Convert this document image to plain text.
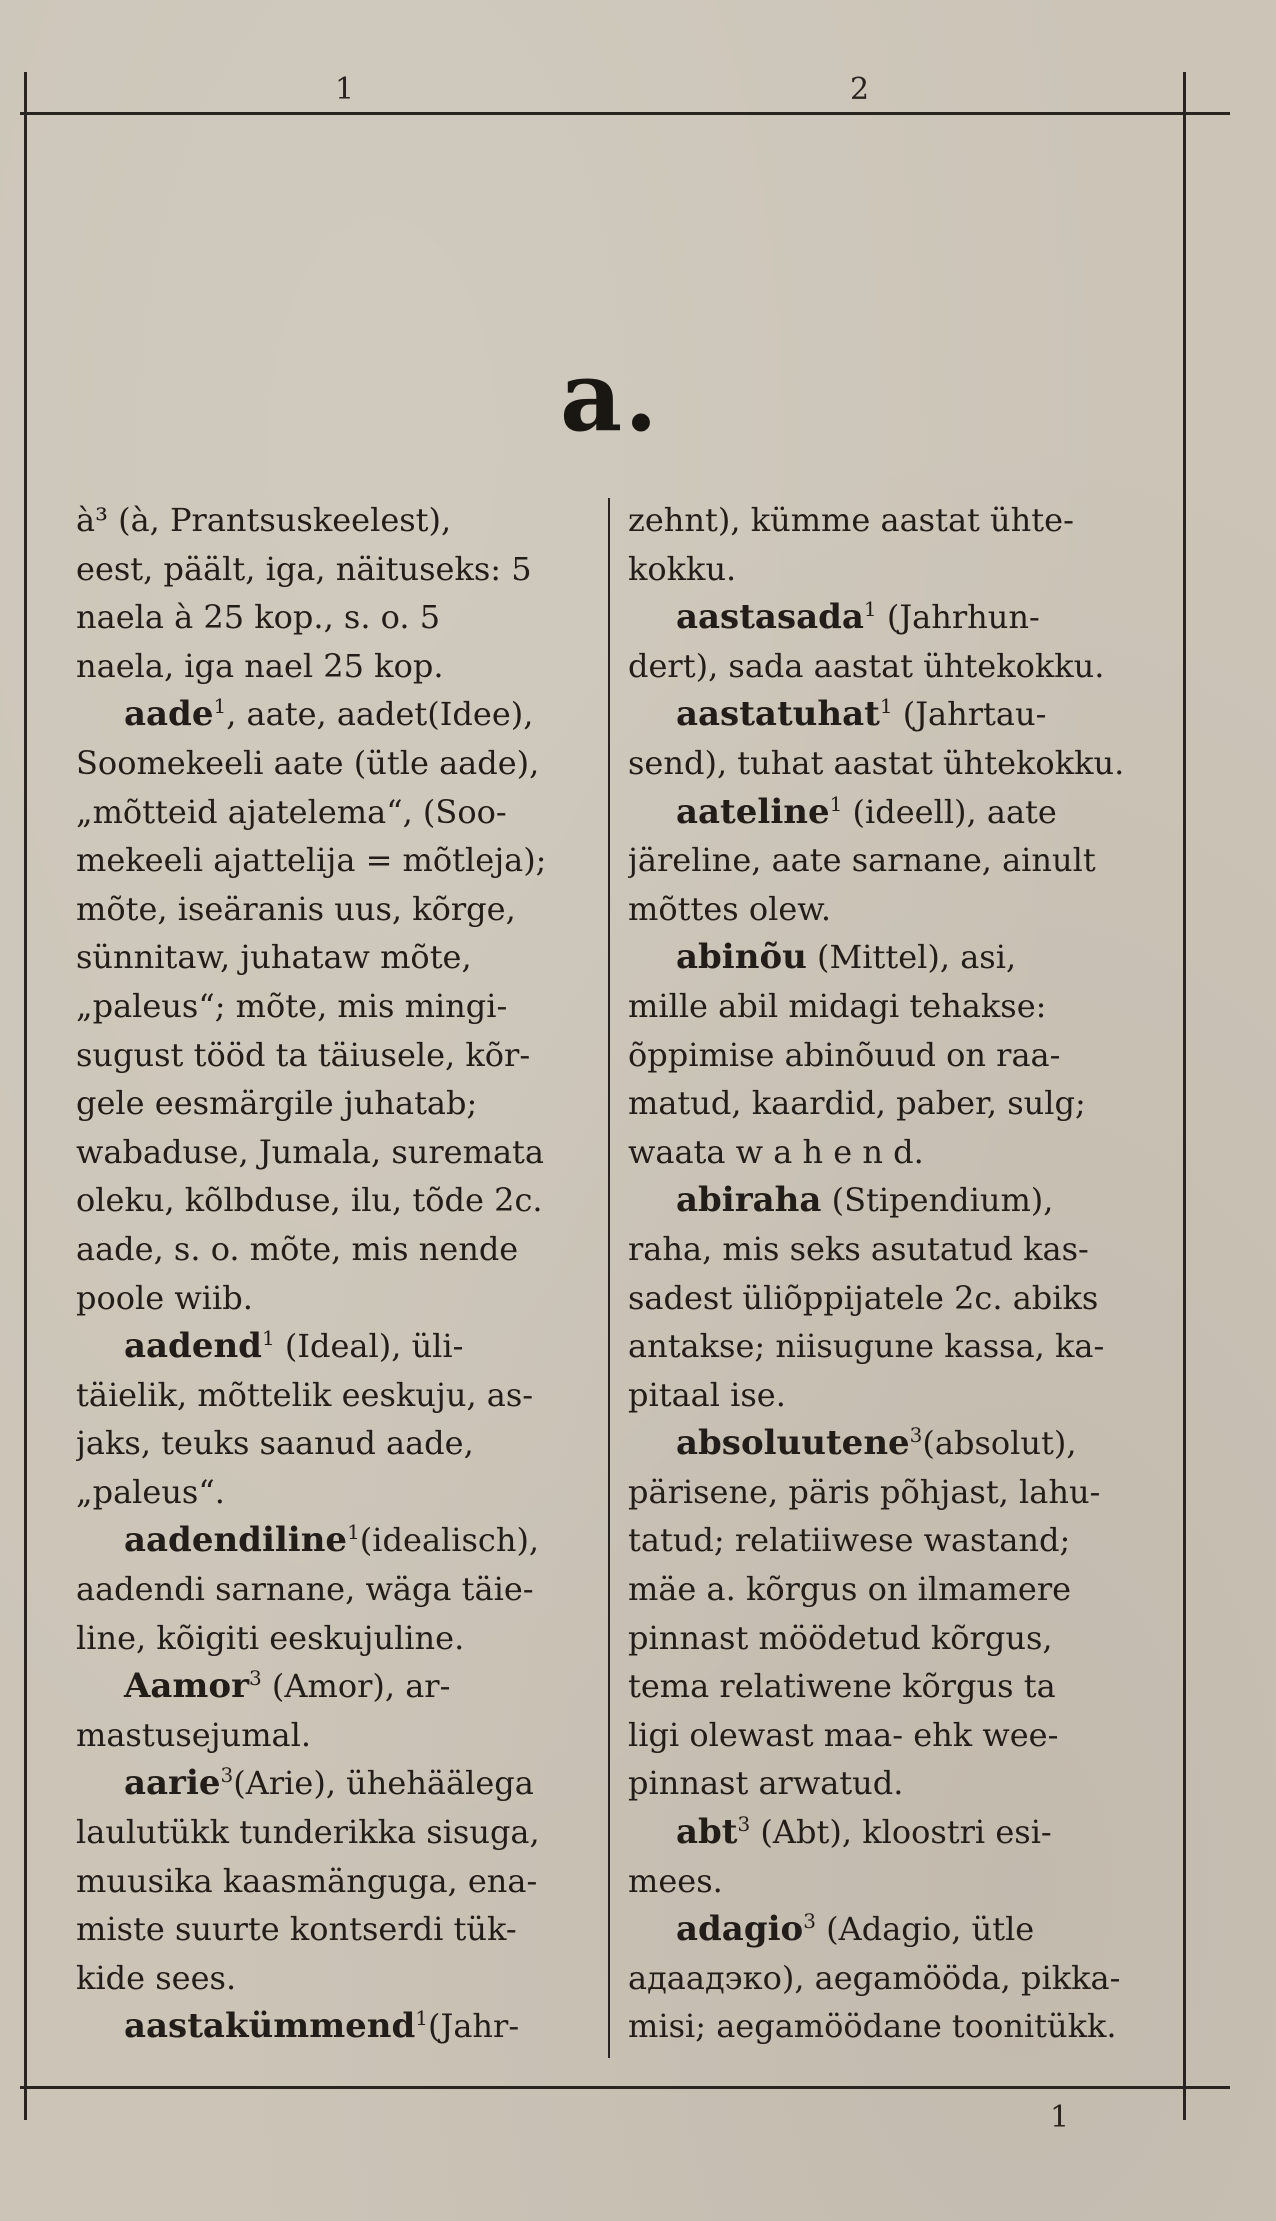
1	2
1
a.
à³ (à, Prantsuskeelest),
eest, päält, iga, näituseks: 5
naela à 25 kop., s. o. 5
naela, iga nael 25 kop.
aade$^1$, aate, aadet(Idee),
Soomekeeli aate (ütle aade),
„mõtteid ajatelema“, (Soo-
mekeeli ajattelija = mõtleja);
mõte, iseäranis uus, kõrge,
sünnitaw, juhataw mõte,
„paleus“; mõte, mis mingi-
sugust tööd ta täiusele, kõr-
gele eesmärgile juhatab;
wabaduse, Jumala, suremata
oleku, kõlbduse, ilu, tõde 2c.
aade, s. o. mõte, mis nende
poole wiib.
aadend$^1$ (Ideal), üli-
täielik, mõttelik eeskuju, as-
jaks, teuks saanud aade,
„paleus“.
aadendiline$^1$(idealisch),
aadendi sarnane, wäga täie-
line, kõigiti eeskujuline.
Aamor$^3$ (Amor), ar-
mastusejumal.
aarie$^3$(Arie), ühehäälega
laulutükk tunderikka sisuga,
muusika kaasmänguga, ena-
miste suurte kontserdi tük-
kide sees.
aastakümmend$^1$(Jahr-
zehnt), kümme aastat ühte-
kokku.
aastasada$^1$ (Jahrhun-
dert), sada aastat ühtekokku.
aastatuhat$^1$ (Jahrtau-
send), tuhat aastat ühtekokku.
aateline$^1$ (ideell), aate
järeline, aate sarnane, ainult
mõttes olew.
abinõu (Mittel), asi,
mille abil midagi tehakse:
õppimise abinõuud on raa-
matud, kaardid, paber, sulg;
waata w a h e n d.
abiraha (Stipendium),
raha, mis seks asutatud kas-
sadest üliõppijatele 2c. abiks
antakse; niisugune kassa, ka-
pitaal ise.
absoluutene$^3$(absolut),
pärisene, päris põhjast, lahu-
tatud; relatiiwese wastand;
mäe a. kõrgus on ilmamere
pinnast möödetud kõrgus,
tema relatiwene kõrgus ta
ligi olewast maa- ehk wee-
pinnast arwatud.
abt$^3$ (Abt), kloostri esi-
mees.
adagio$^3$ (Adagio, ütle
адаадэко), aegamööda, pikka-
misi; aegamöödane toonitükk.
